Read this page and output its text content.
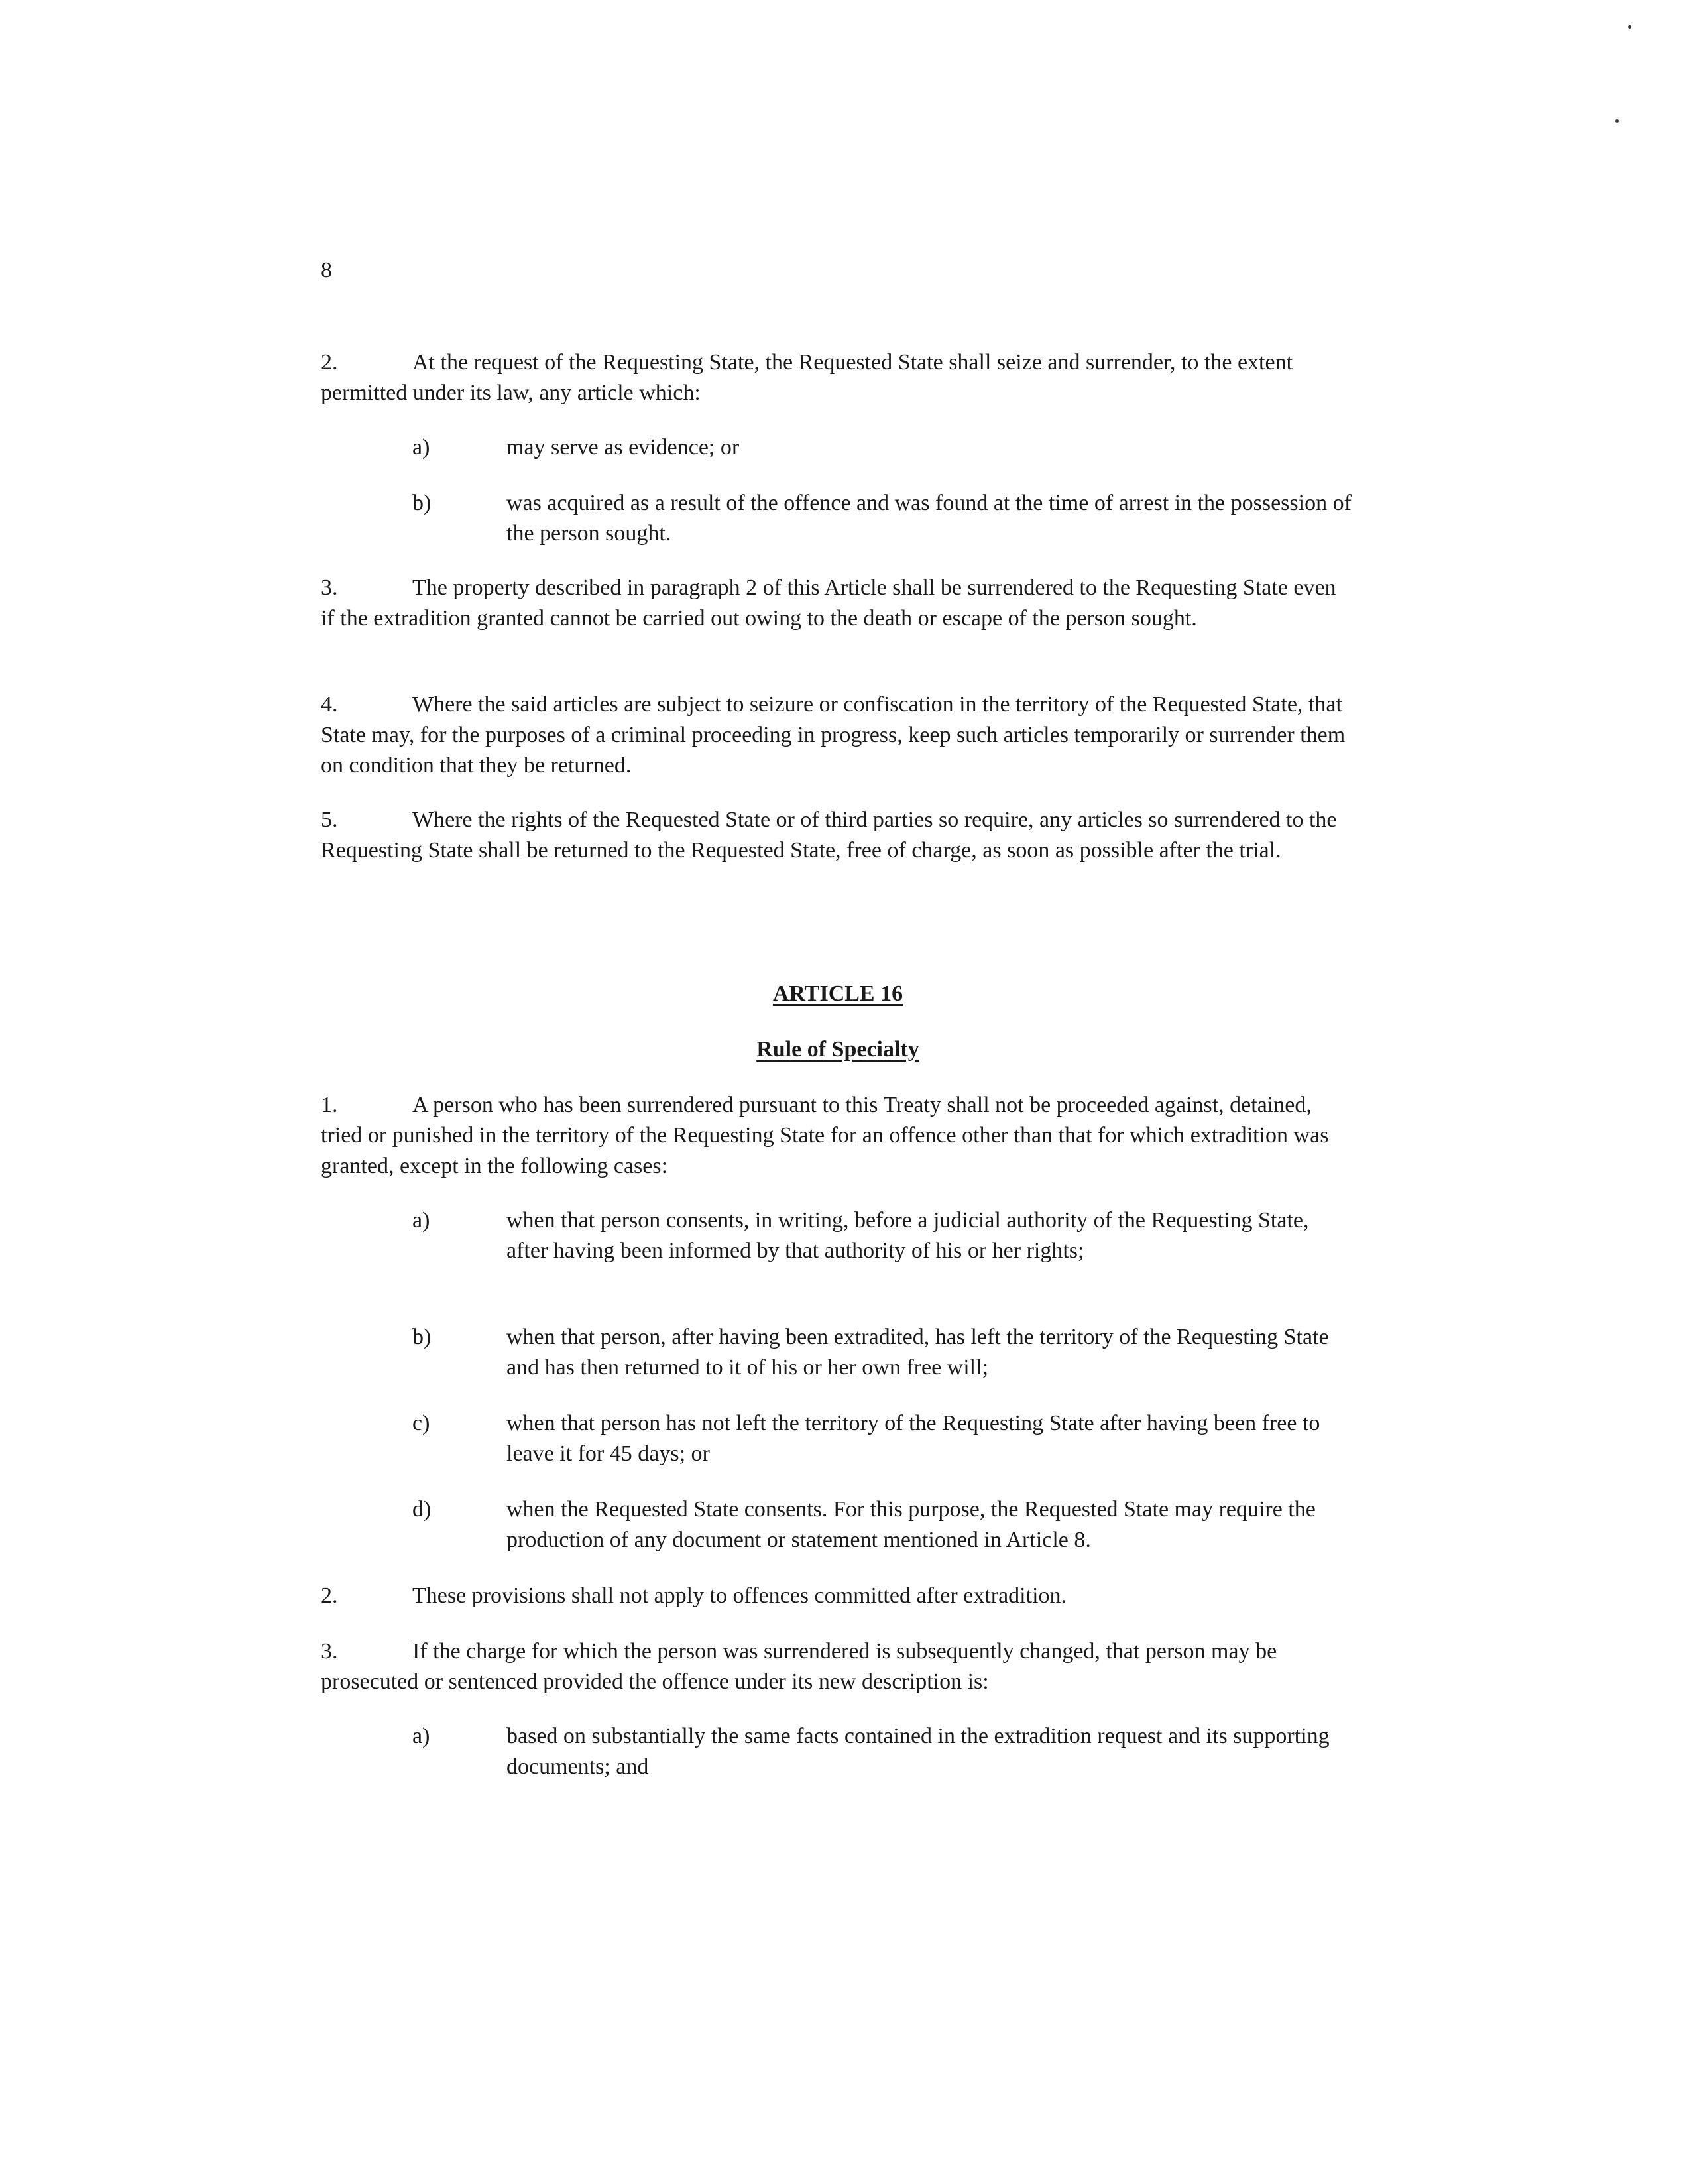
8
2.	At the request of the Requesting State, the Requested State shall seize and surrender, to the extent permitted under its law, any article which:
a)	may serve as evidence; or
b)	was acquired as a result of the offence and was found at the time of arrest in the possession of the person sought.
3.	The property described in paragraph 2 of this Article shall be surrendered to the Requesting State even if the extradition granted cannot be carried out owing to the death or escape of the person sought.
4.	Where the said articles are subject to seizure or confiscation in the territory of the Requested State, that State may, for the purposes of a criminal proceeding in progress, keep such articles temporarily or surrender them on condition that they be returned.
5.	Where the rights of the Requested State or of third parties so require, any articles so surrendered to the Requesting State shall be returned to the Requested State, free of charge, as soon as possible after the trial.
ARTICLE 16
Rule of Specialty
1.	A person who has been surrendered pursuant to this Treaty shall not be proceeded against, detained, tried or punished in the territory of the Requesting State for an offence other than that for which extradition was granted, except in the following cases:
a)	when that person consents, in writing, before a judicial authority of the Requesting State, after having been informed by that authority of his or her rights;
b)	when that person, after having been extradited, has left the territory of the Requesting State and has then returned to it of his or her own free will;
c)	when that person has not left the territory of the Requesting State after having been free to leave it for 45 days; or
d)	when the Requested State consents. For this purpose, the Requested State may require the production of any document or statement mentioned in Article 8.
2.	These provisions shall not apply to offences committed after extradition.
3.	If the charge for which the person was surrendered is subsequently changed, that person may be prosecuted or sentenced provided the offence under its new description is:
a)	based on substantially the same facts contained in the extradition request and its supporting documents; and
